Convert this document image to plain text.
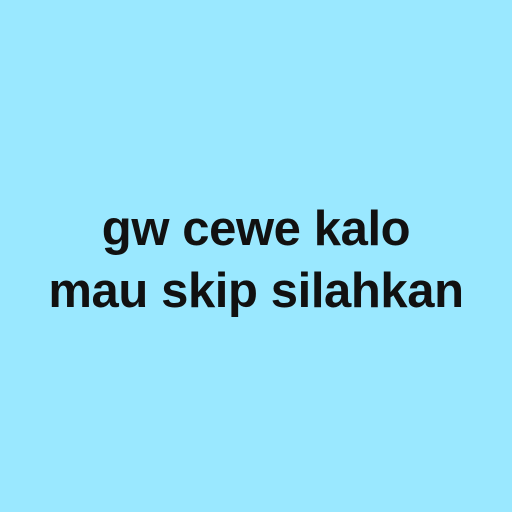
gw cewe kalo
mau skip silahkan
